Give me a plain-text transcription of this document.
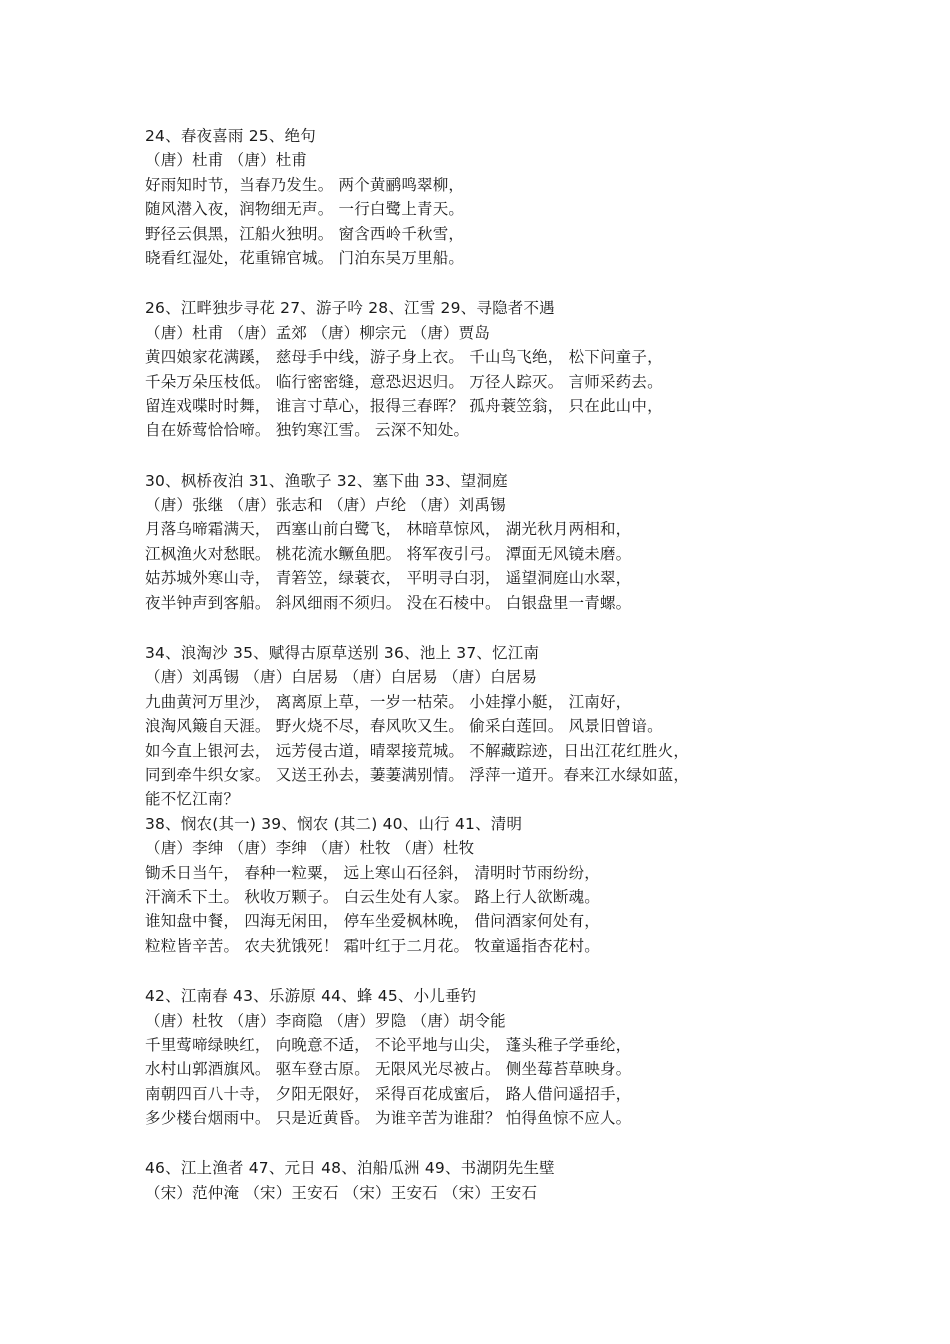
24、春夜喜雨 25、绝句
（唐）杜甫 （唐）杜甫
好雨知时节，当春乃发生。 两个黄鹂鸣翠柳，
随风潜入夜，润物细无声。 一行白鹭上青天。
野径云俱黑，江船火独明。 窗含西岭千秋雪，
晓看红湿处，花重锦官城。 门泊东吴万里船。
26、江畔独步寻花 27、游子吟 28、江雪 29、寻隐者不遇
（唐）杜甫 （唐）孟郊 （唐）柳宗元 （唐）贾岛
黄四娘家花满蹊， 慈母手中线，游子身上衣。 千山鸟飞绝， 松下问童子，
千朵万朵压枝低。 临行密密缝，意恐迟迟归。 万径人踪灭。 言师采药去。
留连戏喋时时舞， 谁言寸草心，报得三春晖？ 孤舟蓑笠翁， 只在此山中，
自在娇莺恰恰啼。 独钓寒江雪。 云深不知处。
30、枫桥夜泊 31、渔歌子 32、塞下曲 33、望洞庭
（唐）张继 （唐）张志和 （唐）卢纶 （唐）刘禹锡
月落乌啼霜满天， 西塞山前白鹭飞， 林暗草惊风， 湖光秋月两相和，
江枫渔火对愁眠。 桃花流水鳜鱼肥。 将军夜引弓。 潭面无风镜未磨。
姑苏城外寒山寺， 青箬笠，绿蓑衣， 平明寻白羽， 遥望洞庭山水翠，
夜半钟声到客船。 斜风细雨不须归。 没在石棱中。 白银盘里一青螺。
34、浪淘沙 35、赋得古原草送别 36、池上 37、忆江南
（唐）刘禹锡 （唐）白居易 （唐）白居易 （唐）白居易
九曲黄河万里沙， 离离原上草，一岁一枯荣。 小娃撑小艇， 江南好，
浪淘风簸自天涯。 野火烧不尽，春风吹又生。 偷采白莲回。 风景旧曾谙。
如今直上银河去， 远芳侵古道，晴翠接荒城。 不解藏踪迹，日出江花红胜火，
同到牵牛织女家。 又送王孙去，萋萋满别情。 浮萍一道开。春来江水绿如蓝，
能不忆江南？
38、悯农(其一) 39、悯农 (其二) 40、山行 41、清明
（唐）李绅 （唐）李绅 （唐）杜牧 （唐）杜牧
锄禾日当午， 春种一粒粟， 远上寒山石径斜， 清明时节雨纷纷，
汗滴禾下土。 秋收万颗子。 白云生处有人家。 路上行人欲断魂。
谁知盘中餐， 四海无闲田， 停车坐爱枫林晚， 借问酒家何处有，
粒粒皆辛苦。 农夫犹饿死！ 霜叶红于二月花。 牧童遥指杏花村。
42、江南春 43、乐游原 44、蜂 45、小儿垂钓
（唐）杜牧 （唐）李商隐 （唐）罗隐 （唐）胡令能
千里莺啼绿映红， 向晚意不适， 不论平地与山尖， 蓬头稚子学垂纶，
水村山郭酒旗风。 驱车登古原。 无限风光尽被占。 侧坐莓苔草映身。
南朝四百八十寺， 夕阳无限好， 采得百花成蜜后， 路人借问遥招手，
多少楼台烟雨中。 只是近黄昏。 为谁辛苦为谁甜？ 怕得鱼惊不应人。
46、江上渔者 47、元日 48、泊船瓜洲 49、书湖阴先生壁
（宋）范仲淹 （宋）王安石 （宋）王安石 （宋）王安石
